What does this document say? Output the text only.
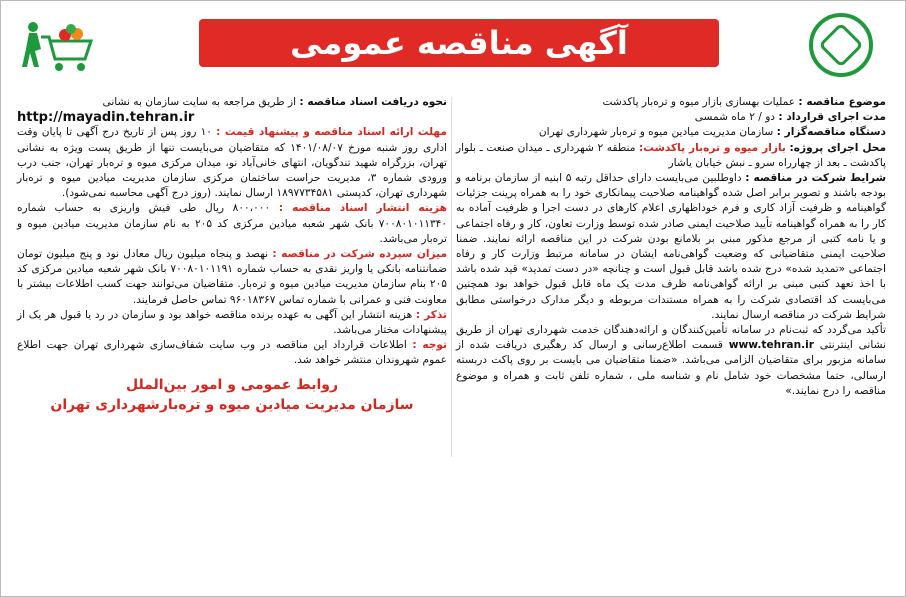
آگهی مناقصه عمومی

موضوع مناقصه : عملیات بهسازی بازار میوه و تره‌بار پاکدشت

مدت اجرای قرارداد : دو / ۲ ماه شمسی

دستگاه مناقصه‌گزار : سازمان مدیریت میادین میوه و تره‌بار شهرداری تهران

محل اجرای پروژه: بازار میوه و تره‌بار پاکدشت: منطقه ۲ شهرداری ـ میدان صنعت ـ بلوار پاکدشت ـ بعد از چهارراه سرو ـ نبش خیابان یاشار

شرایط شرکت در مناقصه : داوطلبین می‌بایست دارای حداقل رتبه ۵ ابنیه از سازمان برنامه و بودجه باشند و تصویر برابر اصل شده گواهینامه صلاحیت پیمانکاری خود را به همراه پرینت جزئیات گواهینامه و ظرفیت آزاد کاری و فرم خوداظهاری اعلام کارهای در دست اجرا و ظرفیت آماده به کار را به همراه گواهینامه تأیید صلاحیت ایمنی صادر شده توسط وزارت تعاون، کار و رفاه اجتماعی و یا نامه کتبی از مرجع مذکور مبنی بر بلامانع بودن شرکت در این مناقصه ارائه نمایند. ضمنا صلاحیت ایمنی متقاضیانی که وضعیت گواهی‌نامه ایشان در سامانه مرتبط وزارت کار و رفاه اجتماعی «تمدید شده» درج شده باشد قابل قبول است و چنانچه «در دست تمدید» قید شده باشد با اخذ تعهد کتبی مبنی بر ارائه گواهی‌نامه ظرف مدت یک ماه قابل قبول خواهد بود همچنین می‌بایست کد اقتصادی شرکت را به همراه مستندات مربوطه و دیگر مدارک درخواستی مطابق شرایط شرکت در مناقصه ارسال نمایند.

تأکید می‌گردد که ثبت‌نام در سامانه تأمین‌کنندگان و ارائه‌دهندگان خدمت شهرداری تهران از طریق نشانی اینترنتی www.tehran.ir قسمت اطلاع‌رسانی و ارسال کد رهگیری دریافت شده از سامانه مزبور برای متقاضیان الزامی می‌باشد. «ضمنا متقاضیان می بایست بر روی پاکت دربسته ارسالی، حتما مشخصات خود شامل نام و شناسه ملی ، شماره تلفن ثابت و همراه و موضوع مناقصه را درج نمایند.»

نحوه دریافت اسناد مناقصه : از طریق مراجعه به سایت سازمان به نشانی

http://mayadin.tehran.ir

مهلت ارائه اسناد مناقصه و پیشنهاد قیمت : ۱۰ روز پس از تاریخ درج آگهی تا پایان وقت اداری روز شنبه مورخ ۱۴۰۱/۰۸/۰۷ که متقاضیان می‌بایست تنها از طریق پست ویژه به نشانی تهران، بزرگراه شهید تندگویان، انتهای خانی‌آباد نو، میدان مرکزی میوه و تره‌بار تهران، جنب درب ورودی شماره ۳، مدیریت حراست ساختمان مرکزی سازمان مدیریت میادین میوه و تره‌بار شهرداری تهران، کدپستی ۱۸۹۷۷۳۴۵۸۱ ارسال نمایند. (روز درج آگهی محاسبه نمی‌شود).

هزینه انتشار اسناد مناقصه : ۸۰۰،۰۰۰ ریال طی فیش واریزی به حساب شماره ۷۰۰۸۰۱۰۱۱۳۴۰ بانک شهر شعبه میادین مرکزی کد ۲۰۵ به نام سازمان مدیریت میادین میوه و تره‌بار می‌باشد.

میزان سپرده شرکت در مناقصه : نهصد و پنجاه میلیون ریال معادل نود و پنج میلیون تومان ضمانتنامه بانکی یا واریز نقدی به حساب شماره ۷۰۰۸۰۱۰۱۱۹۱ بانک شهر شعبه میادین مرکزی کد ۲۰۵ بنام سازمان مدیریت میادین میوه و تره‌بار. متقاضیان می‌توانند جهت کسب اطلاعات بیشتر با معاونت فنی و عمرانی با شماره تماس ۹۶۰۱۸۳۶۷ تماس حاصل فرمایند.

تذکر : هزینه انتشار این آگهی به عهده برنده مناقصه خواهد بود و سازمان در رد یا قبول هر یک از پیشنهادات مختار می‌باشد.

توجه : اطلاعات قرارداد این مناقصه در وب سایت شفاف‌سازی شهرداری تهران جهت اطلاع عموم شهروندان منتشر خواهد شد.

روابط عمومی و امور بین‌الملل
سازمان مدیریت میادین میوه و تره‌بارشهرداری تهران
